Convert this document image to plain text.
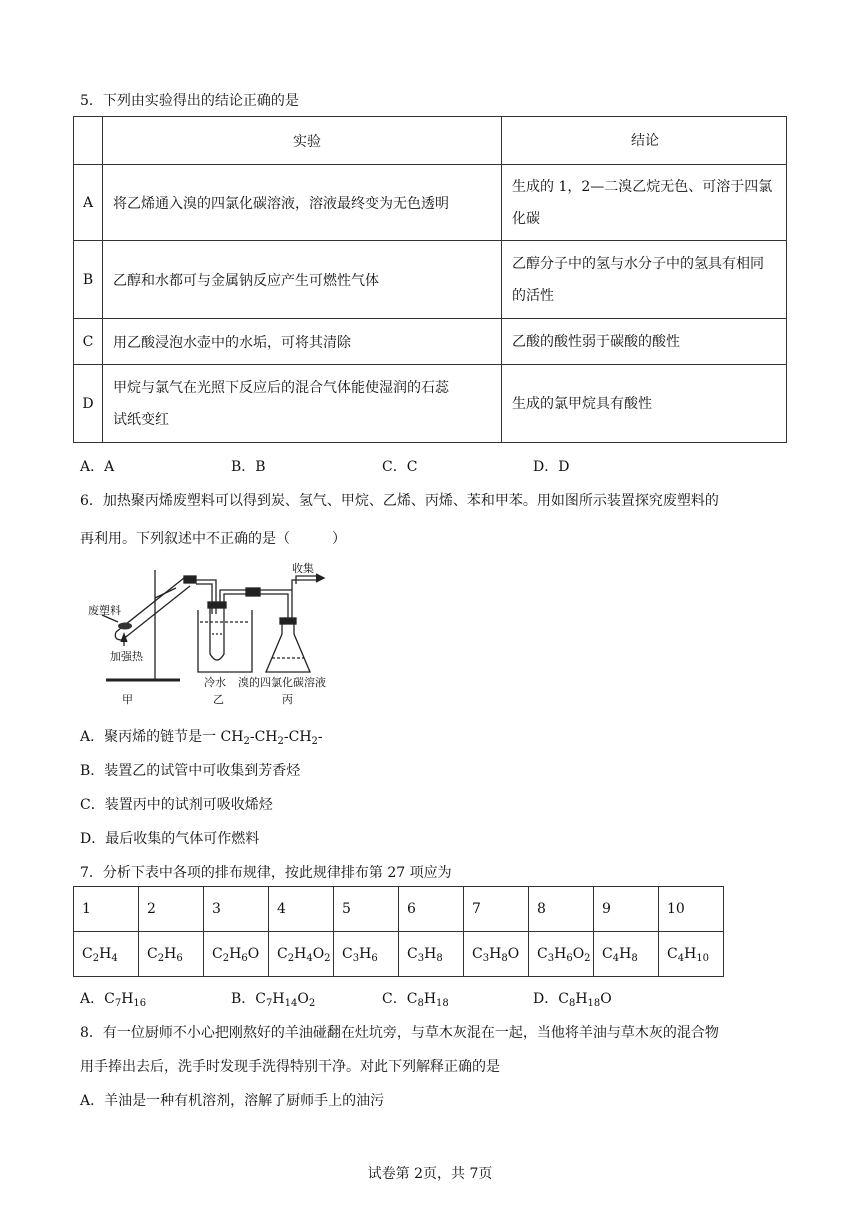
5．下列由实验得出的结论正确的是
	实验	结论
A	将乙烯通入溴的四氯化碳溶液，溶液最终变为无色透明	生成的 1，2—二溴乙烷无色、可溶于四氯
化碳

B	乙醇和水都可与金属钠反应产生可燃性气体	乙醇分子中的氢与水分子中的氢具有相同
的活性

C	用乙酸浸泡水壶中的水垢，可将其清除	乙酸的酸性弱于碳酸的酸性

D	甲烷与氯气在光照下反应后的混合气体能使湿润的石蕊
试纸变红	生成的氯甲烷具有酸性
A．A	B．B	C．C	D．D
6．加热聚丙烯废塑料可以得到炭、氢气、甲烷、乙烯、丙烯、苯和甲苯。用如图所示装置探究废塑料的
再利用。下列叙述中不正确的是（　　　）
废塑料
加强热
收集
冷水 溴的四氯化碳溶液
甲	乙	丙
A．聚丙烯的链节是一 $CH_2-CH_2-CH_2-$
B．装置乙的试管中可收集到芳香烃
C．装置丙中的试剂可吸收烯烃
D．最后收集的气体可作燃料
7．分析下表中各项的排布规律，按此规律排布第 27 项应为
1	2	3	4	5	6	7	8	9	10
$C_2H_4$	$C_2H_6$	$C_2H_6O$	$C_2H_4O_2$	$C_3H_6$	$C_3H_8$	$C_3H_8O$	$C_3H_6O_2$	$C_4H_8$	$C_4H_{10}$
A．$C_7H_{16}$	B．$C_7H_{14}O_2$	C．$C_8H_{18}$	D．$C_8H_{18}O$
8．有一位厨师不小心把刚熬好的羊油碰翻在灶坑旁，与草木灰混在一起，当他将羊油与草木灰的混合物
用手捧出去后，洗手时发现手洗得特别干净。对此下列解释正确的是
A．羊油是一种有机溶剂，溶解了厨师手上的油污
试卷第 2页，共 7页
